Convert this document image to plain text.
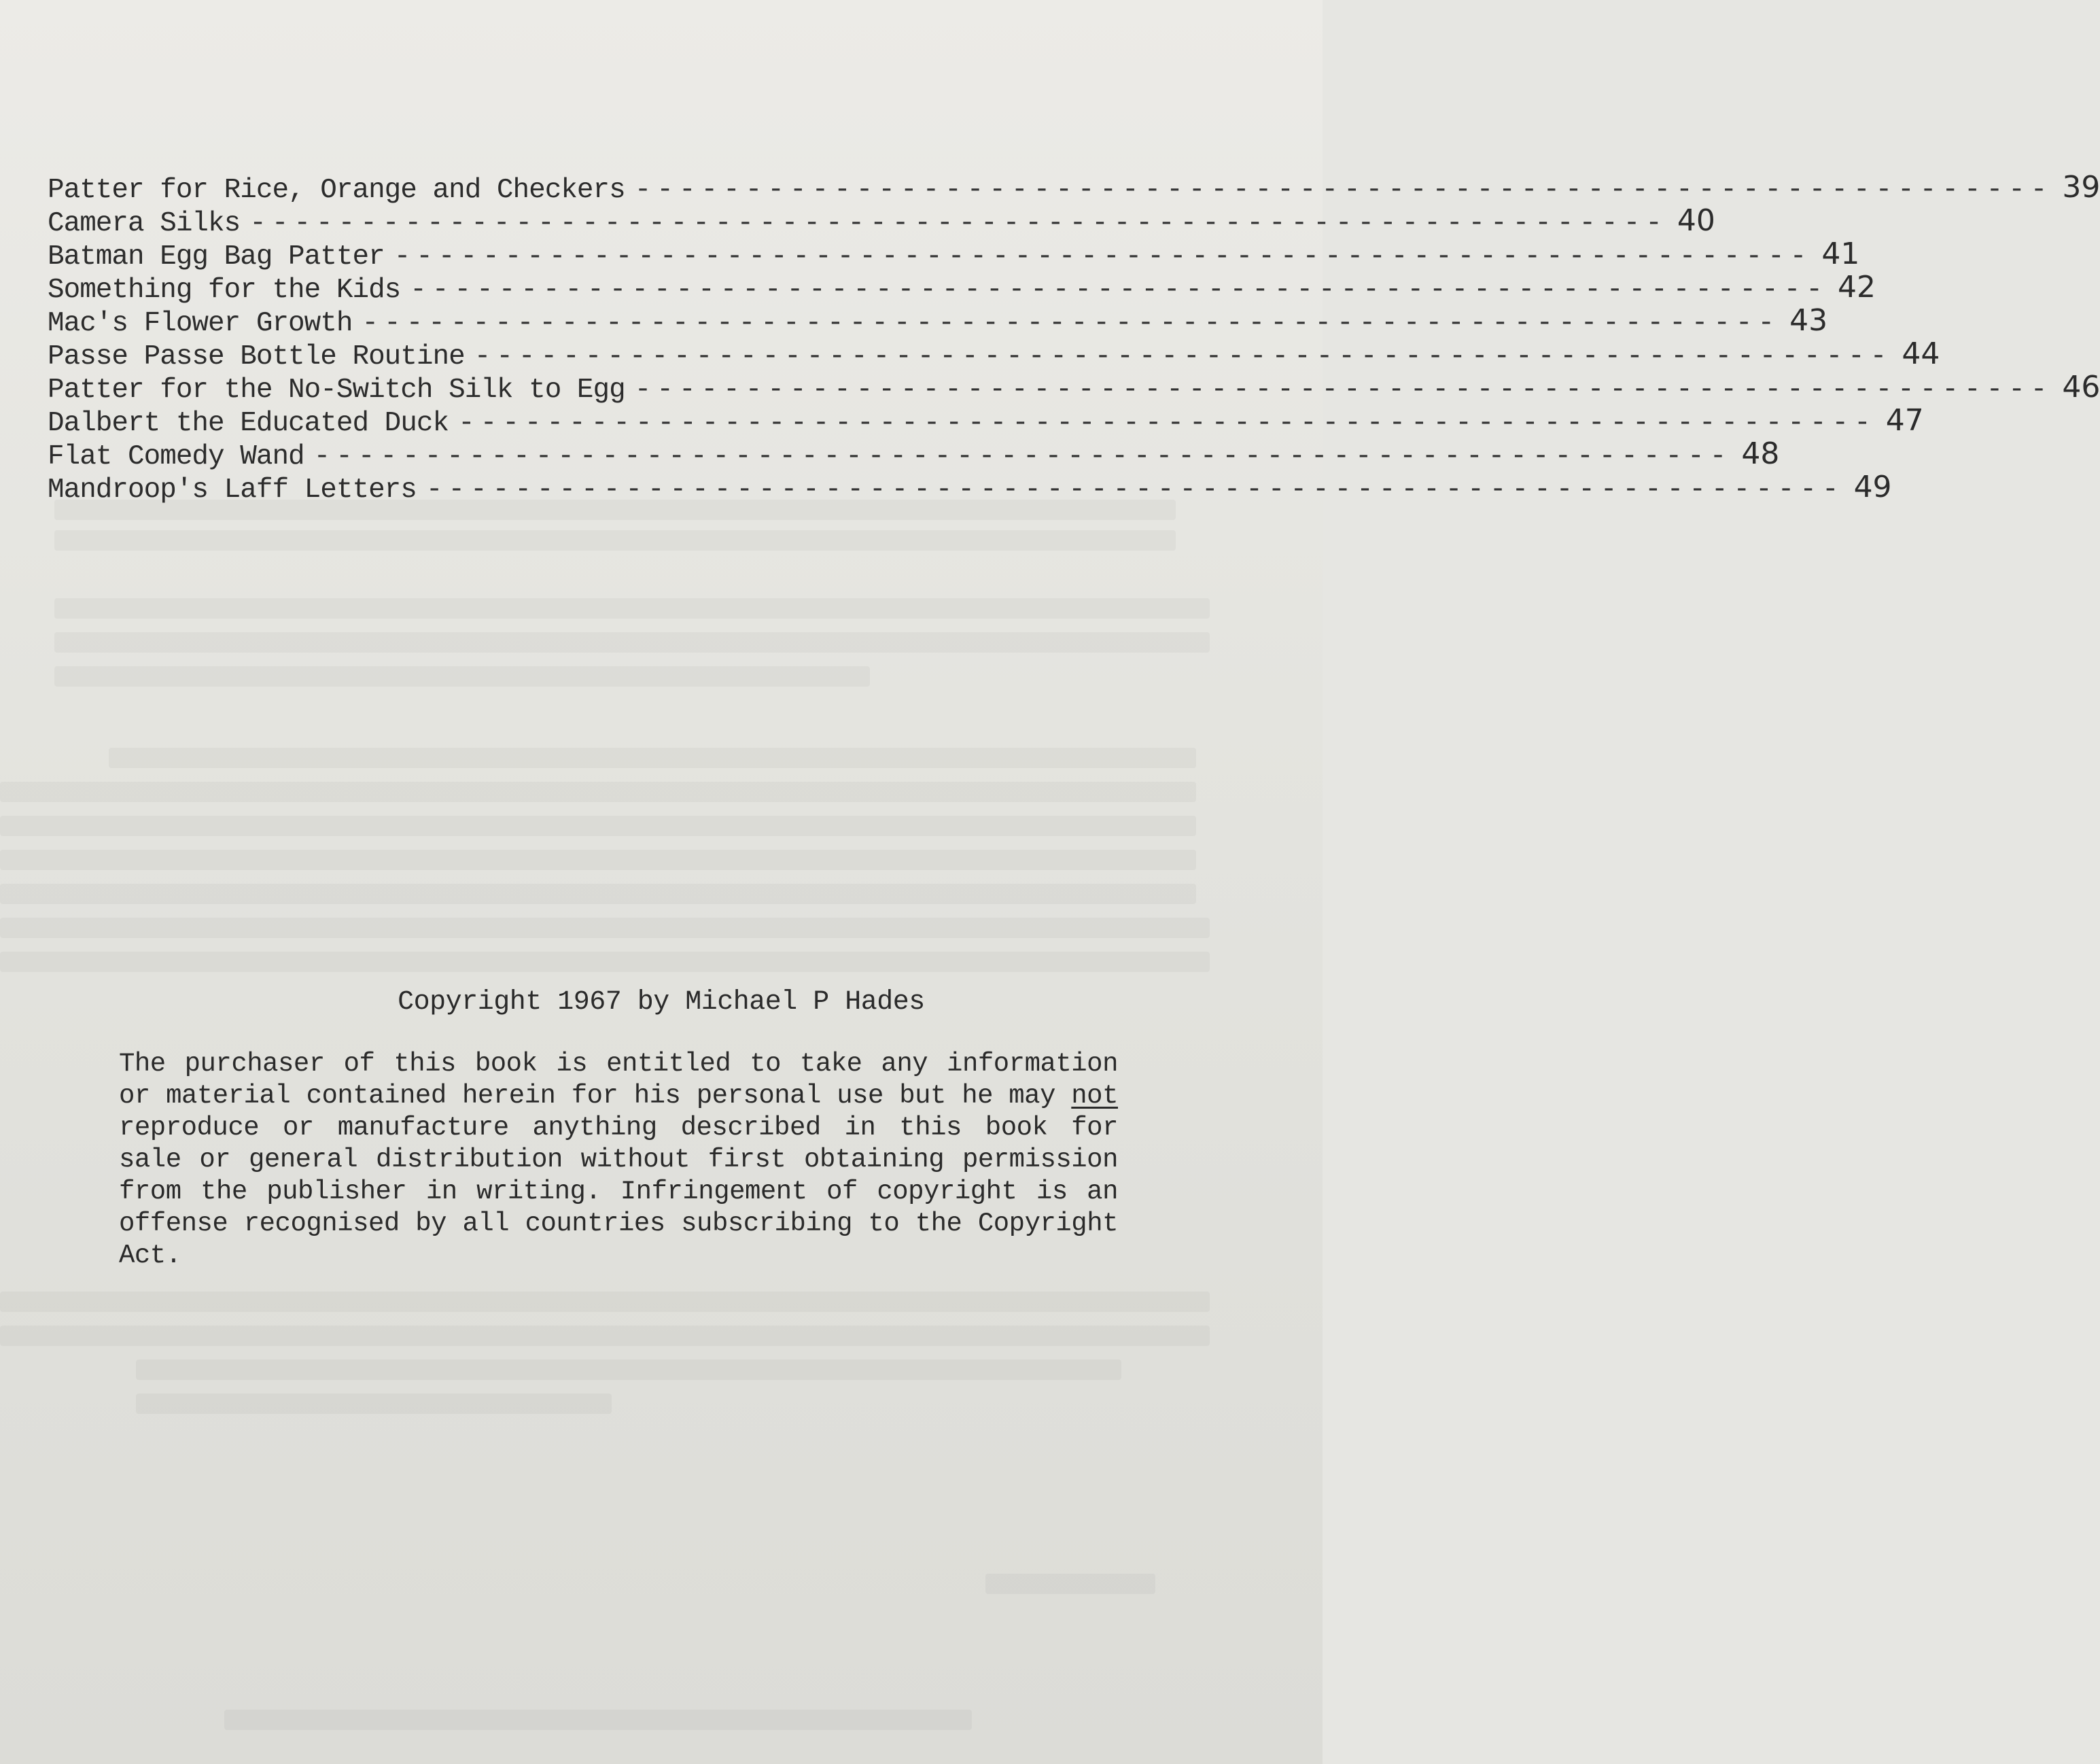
Patter for Rice, Orange and Checkers ---------------------------------------------------------------- 39
Camera Silks ---------------------------------------------------------------- 40
Batman Egg Bag Patter ---------------------------------------------------------------- 41
Something for the Kids ---------------------------------------------------------------- 42
Mac's Flower Growth ---------------------------------------------------------------- 43
Passe Passe Bottle Routine ---------------------------------------------------------------- 44
Patter for the No-Switch Silk to Egg ---------------------------------------------------------------- 46
Dalbert the Educated Duck ---------------------------------------------------------------- 47
Flat Comedy Wand ---------------------------------------------------------------- 48
Mandroop's Laff Letters ---------------------------------------------------------------- 49
Copyright 1967 by Michael P Hades
The purchaser of this book is entitled to take any information or material contained herein for his personal use but he may not reproduce or manufacture anything described in this book for sale or general distribution without first obtaining permission from the publisher in writing. Infringement of copyright is an offense recognised by all countries subscribing to the Copyright Act.
